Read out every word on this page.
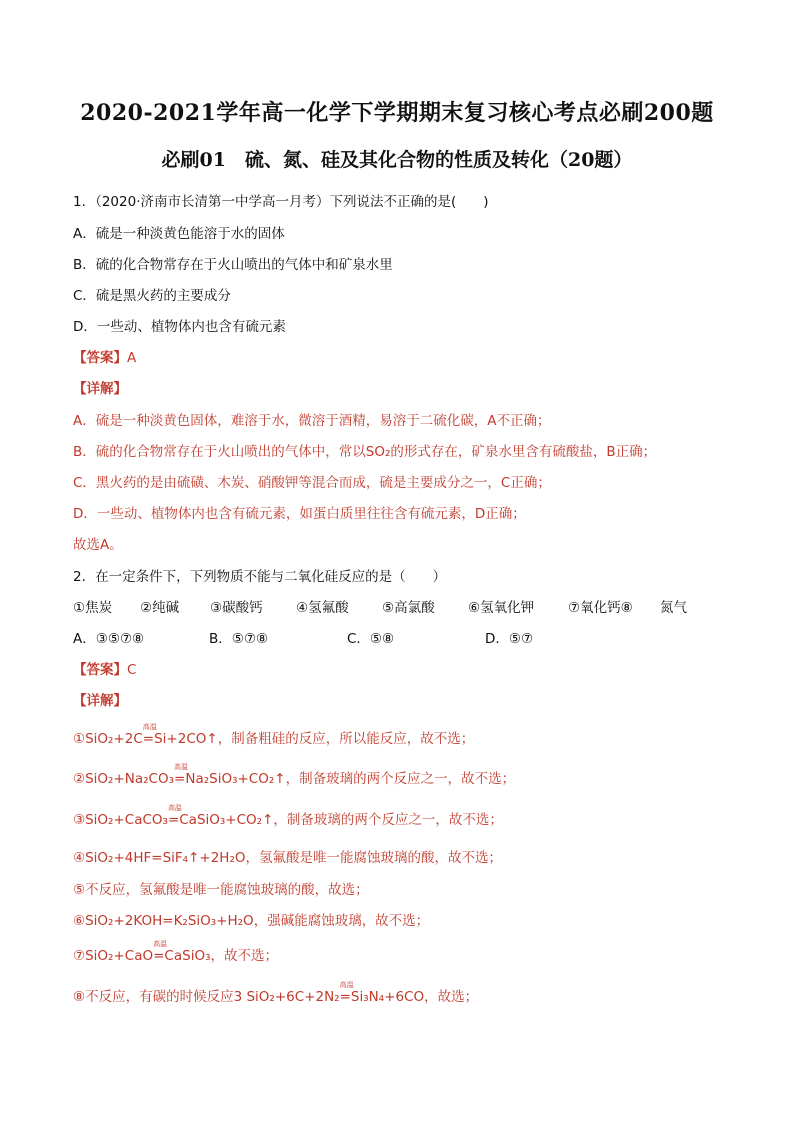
2020-2021学年高一化学下学期期末复习核心考点必刷200题
必刷01　硫、氮、硅及其化合物的性质及转化（20题）
1．（2020·济南市长清第一中学高一月考）下列说法不正确的是(　　)
A．硫是一种淡黄色能溶于水的固体
B．硫的化合物常存在于火山喷出的气体中和矿泉水里
C．硫是黑火药的主要成分
D．一些动、植物体内也含有硫元素
【答案】A
【详解】
A．硫是一种淡黄色固体，难溶于水，微溶于酒精，易溶于二硫化碳，A不正确；
B．硫的化合物常存在于火山喷出的气体中，常以SO₂的形式存在，矿泉水里含有硫酸盐，B正确；
C．黑火药的是由硫磺、木炭、硝酸钾等混合而成，硫是主要成分之一，C正确；
D．一些动、植物体内也含有硫元素，如蛋白质里往往含有硫元素，D正确；
故选A。
2．在一定条件下，下列物质不能与二氧化硅反应的是（　　）
①焦炭 ②纯碱 ③碳酸钙 ④氢氟酸 ⑤高氯酸 ⑥氢氧化钾	⑦氧化钙⑧ 氮气
A．③⑤⑦⑧	B．⑤⑦⑧	C．⑤⑧	D．⑤⑦
【答案】C
【详解】
①SiO₂+2C
高温
=Si+2CO↑，制备粗硅的反应，所以能反应，故不选；
②SiO₂+Na₂CO₃
高温
=Na₂SiO₃+CO₂↑，制备玻璃的两个反应之一，故不选；
③SiO₂+CaCO₃
高温
=CaSiO₃+CO₂↑，制备玻璃的两个反应之一，故不选；
④SiO₂+4HF=SiF₄↑+2H₂O，氢氟酸是唯一能腐蚀玻璃的酸，故不选；
⑤不反应，氢氟酸是唯一能腐蚀玻璃的酸，故选；
⑥SiO₂+2KOH=K₂SiO₃+H₂O，强碱能腐蚀玻璃，故不选；
⑦SiO₂+CaO
高温
=CaSiO₃，故不选；
⑧不反应，有碳的时候反应3 SiO₂+6C+2N₂
高温
=Si₃N₄+6CO，故选；
